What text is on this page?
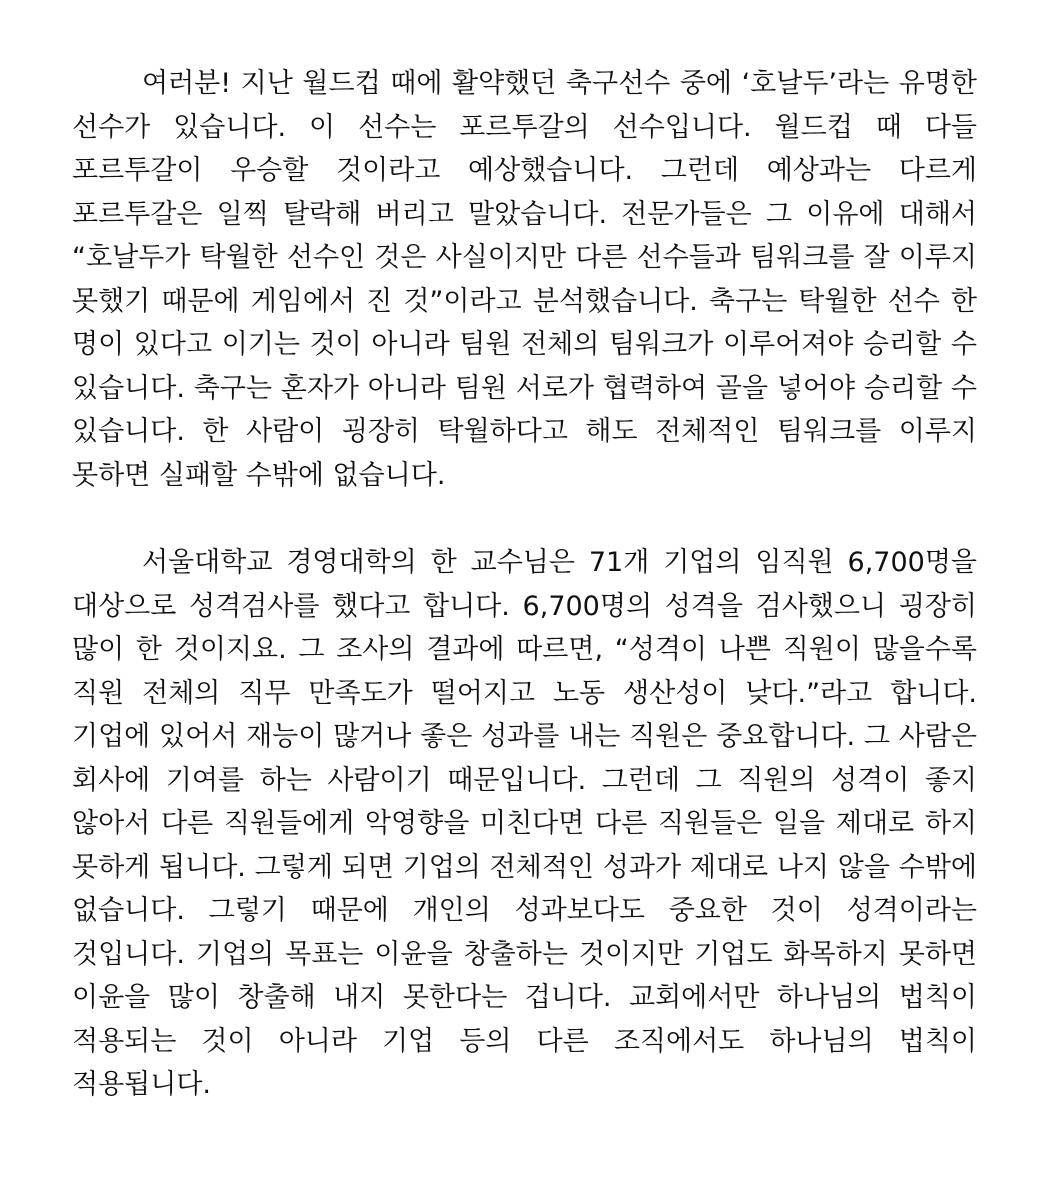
여러분! 지난 월드컵 때에 활약했던 축구선수 중에 ‘호날두’라는 유명한 선수가 있습니다. 이 선수는 포르투갈의 선수입니다. 월드컵 때 다들 포르투갈이 우승할 것이라고 예상했습니다. 그런데 예상과는 다르게 포르투갈은 일찍 탈락해 버리고 말았습니다. 전문가들은 그 이유에 대해서 “호날두가 탁월한 선수인 것은 사실이지만 다른 선수들과 팀워크를 잘 이루지 못했기 때문에 게임에서 진 것”이라고 분석했습니다. 축구는 탁월한 선수 한 명이 있다고 이기는 것이 아니라 팀원 전체의 팀워크가 이루어져야 승리할 수 있습니다. 축구는 혼자가 아니라 팀원 서로가 협력하여 골을 넣어야 승리할 수 있습니다. 한 사람이 굉장히 탁월하다고 해도 전체적인 팀워크를 이루지 못하면 실패할 수밖에 없습니다.

서울대학교 경영대학의 한 교수님은 71개 기업의 임직원 6,700명을 대상으로 성격검사를 했다고 합니다. 6,700명의 성격을 검사했으니 굉장히 많이 한 것이지요. 그 조사의 결과에 따르면, “성격이 나쁜 직원이 많을수록 직원 전체의 직무 만족도가 떨어지고 노동 생산성이 낮다.”라고 합니다. 기업에 있어서 재능이 많거나 좋은 성과를 내는 직원은 중요합니다. 그 사람은 회사에 기여를 하는 사람이기 때문입니다. 그런데 그 직원의 성격이 좋지 않아서 다른 직원들에게 악영향을 미친다면 다른 직원들은 일을 제대로 하지 못하게 됩니다. 그렇게 되면 기업의 전체적인 성과가 제대로 나지 않을 수밖에 없습니다. 그렇기 때문에 개인의 성과보다도 중요한 것이 성격이라는 것입니다. 기업의 목표는 이윤을 창출하는 것이지만 기업도 화목하지 못하면 이윤을 많이 창출해 내지 못한다는 겁니다. 교회에서만 하나님의 법칙이 적용되는 것이 아니라 기업 등의 다른 조직에서도 하나님의 법칙이 적용됩니다.
